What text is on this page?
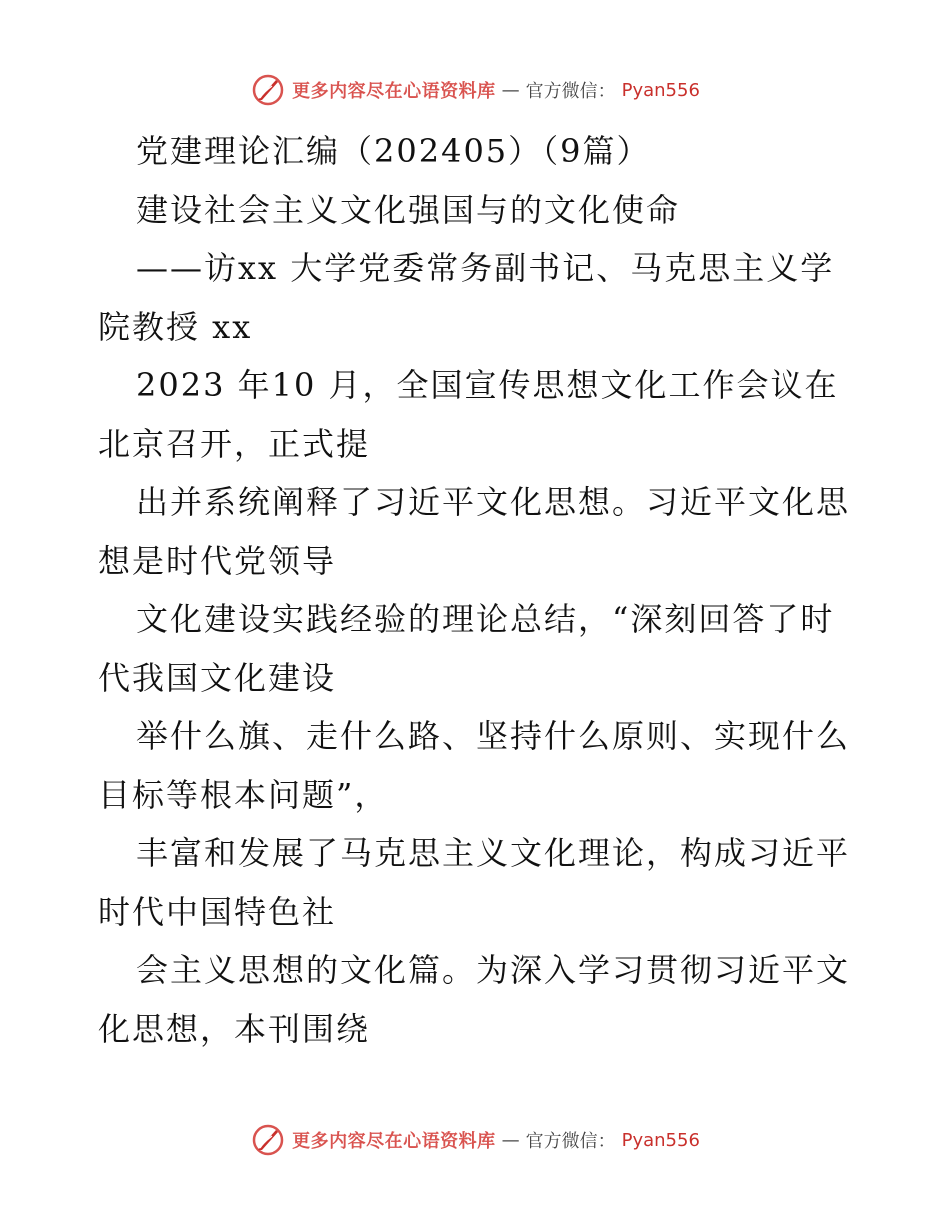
更多内容尽在心语资料库 — 官方微信： Pyan556
党建理论汇编（202405）（9篇）
建设社会主义文化强国与的文化使命
——访xx 大学党委常务副书记、马克思主义学
院教授 xx
2023 年10 月，全国宣传思想文化工作会议在
北京召开，正式提
出并系统阐释了习近平文化思想。习近平文化思
想是时代党领导
文化建设实践经验的理论总结，“深刻回答了时
代我国文化建设
举什么旗、走什么路、坚持什么原则、实现什么
目标等根本问题”，
丰富和发展了马克思主义文化理论，构成习近平
时代中国特色社
会主义思想的文化篇。为深入学习贯彻习近平文
化思想，本刊围绕
更多内容尽在心语资料库 — 官方微信： Pyan556
